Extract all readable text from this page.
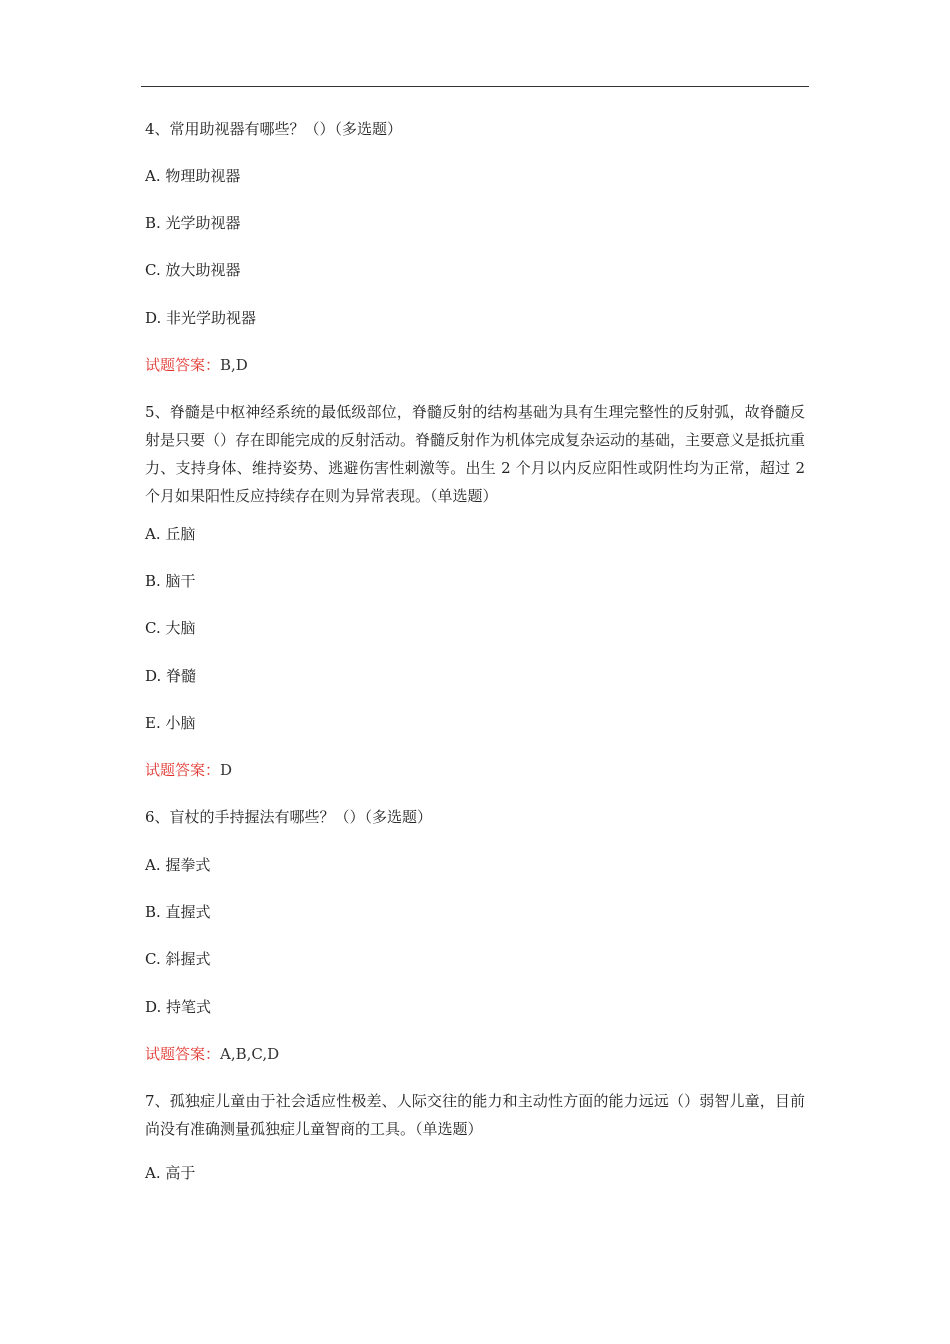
4、常用助视器有哪些？（）（多选题）
A. 物理助视器
B. 光学助视器
C. 放大助视器
D. 非光学助视器
试题答案：B,D
5、脊髓是中枢神经系统的最低级部位，脊髓反射的结构基础为具有生理完整性的反射弧，故脊髓反射是只要（）存在即能完成的反射活动。脊髓反射作为机体完成复杂运动的基础，主要意义是抵抗重力、支持身体、维持姿势、逃避伤害性刺激等。出生 2 个月以内反应阳性或阴性均为正常，超过 2 个月如果阳性反应持续存在则为异常表现。（单选题）
A. 丘脑
B. 脑干
C. 大脑
D. 脊髓
E. 小脑
试题答案：D
6、盲杖的手持握法有哪些？（）（多选题）
A. 握拳式
B. 直握式
C. 斜握式
D. 持笔式
试题答案：A,B,C,D
7、孤独症儿童由于社会适应性极差、人际交往的能力和主动性方面的能力远远（）弱智儿童，目前尚没有准确测量孤独症儿童智商的工具。（单选题）
A. 高于
